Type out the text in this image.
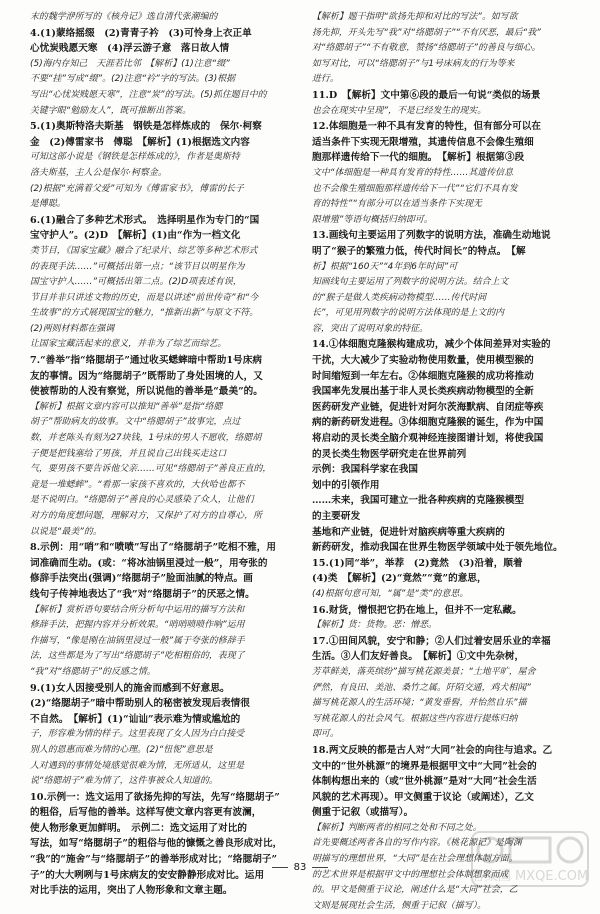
末的魏学洢所写的《核舟记》选自清代张潮编的
4.(1)蒙络摇缀　(2)青青子衿　(3)可怜身上衣正单
心忧炭贱愿天寒　(4)浮云游子意　落日故人情
(5)海内存知己　天涯若比邻　【解析】(1)注意“缀”
不要“挂”写成“缀”。(2)注意“衿”字的写法。(3)根据
写出“心忧炭贱愿天寒”，注意“炭”的写法。(5)抓住题目中的
关键字眼“勉励友人”，既可推断出答案。
5.(1)奥斯特洛夫斯基　钢铁是怎样炼成的　保尔·柯察
金　(2)傅雷家书　傅聪　【解析】(1)根据选文内容
可知这部小说是《钢铁是怎样炼成的》，作者是奥斯特
洛夫斯基，主人公是保尔·柯察金。
(2)根据“充满着父爱”可知为《傅雷家书》，傅雷的长子
是傅聪。
6.(1)融合了多种艺术形式。　选择明星作为专门的“国
宝守护人”。(2)D　【解析】(1)由“作为一档文化
类节目，《国家宝藏》融合了纪录片、综艺等多种艺术形式
的表现手法……”可概括出第一点；“该节目以明星作为
国宝守护人……”可概括出第二点。(2)D项表述有误，
节目并非只讲述文物的历史，而是以讲述“前世传奇”和“今
生故事”的方式展现国宝的魅力，“推新出新”与原文不符。
(2)两则材料都在强调
让国家宝藏活起来的意义，并非为了综艺而综艺。
7.“善举”指“络腮胡子”通过收买蟋蟀暗中帮助1号床病
友的事情。因为“络腮胡子”既帮助了身处困境的人，又
使被帮助的人没有察觉，所以说他的善举是“最美”的。
【解析】根据文章内容可以推知“善举”是指“络腮
胡子”帮助病友的故事。文中“络腮胡子”故事完，点过
数，并老陈头有刻为27块钱，1号床的男人不愿收，络腮胡
子便是把钱塞给了男孩，并且说自己出钱买走这口
气，要男孩不要告诉他父亲……可见“络腮胡子”善良正直的，
竟是一堆蟋蟀”。“看那一家孩不喜欢的，大伙哈也都不
是不说明白。“络腮胡子”善良的心灵感染了众人，让他们
对方的角度想问题，理解对方，又保护了对方的自尊心，所
以说是“最美”的。
8.示例：用“哨”和“喷喷”写出了“络腮胡子”吃相不雅，用
词准确而生动。(或：“将冰油锅里浸过一般”，用夸张的
修辞手法突出(强调)“络腮胡子”脸面油腻的特点。画
线句子传神地表达了“我”对“络腮胡子”的厌恶之情。
【解析】赏析语句要结合所分析句中运用的描写方法和
修辞手法，把握内容并分析效果。“哨哨喷喷作响”运用
作描写，“像是刚在油锅里浸过一般”属于夸张的修辞手
法，这些都是为了写出“络腮胡子”吃相粗俗的，表现了
“我”对“络腮胡子”的反感之情。
9.(1)女人因接受别人的施舍而感到不好意思。
(2)“络腮胡子”暗中帮助别人的秘密被发现后表情很
不自然。　【解析】(1)“讪讪”表示难为情或尴尬的
子，形容难为情的样子。这里表现了女人因为白白接受
别人的恩惠而难为情的心理。(2)“忸怩”意思是
人对遇到的事情处境感觉很难为情，无所适从，这里是
说“络腮胡子”难为情了，这件事被众人知道的。
10.示例一：选文运用了欲扬先抑的写法，先写“络腮胡子”
的粗俗，后写他的善举。这样写使文章内容更有波澜，
使人物形象更加鲜明。　示例二：选文运用了对比的
写法，如写“络腮胡子”的粗俗与他的慷慨之善良形成对比，
“我”的“施舍”与“络腮胡子”的善举形成对比；“络腮胡子”
子”的大大咧咧与1号床病友的安安静静形成对比。运用
对比手法的运用，突出了人物形象和文章主题。
【解析】题干指明“欲扬先抑和对比的写法”。如写欲
扬先抑，开头先写“我”对“络腮胡子”“不有厌恶，最后“我”
对“络腮胡子”“不有敬意，赞扬“络腮胡子”的善良与细心。
如写对比，可以“络腮胡子”与1号床病友的行为等来
进行。
11.D　【解析】文中第⑥段的最后一句说“类似的场景
也会在现实中呈现”，不是已经发生的现实。
12.体细胞是一种不具有发育的特性，但有部分可以在
适当条件下实现无限增殖，其遗传信息不会像生殖细
胞那样遗传给下一代的细胞。　【解析】根据第③段
文中“体细胞是一种具有发育的特性……其遗传信息
也不会像生殖细胞那样遗传给下一代”“它们不具有发
育的特性”“有部分可以在适当条件下实现无
限增殖”等语句概括归纳即可。
13.画线句主要运用了列数字的说明方法，准确生动地说
明了“猴子的繁殖力低，传代时间长”的特点。　【解
析】根据“160天”“4年到6年时间”可
知画线句主要运用了列数字的说明方法。结合上文
的“猴子是做人类疾病动物模型……传代时间
长”，可见用列数字的说明方法体现的是上文的内
容，突出了说明对象的特征。
14.①体细胞克隆猴构建成功，减少个体间差异对实验的
干扰，大大减少了实验动物使用数量，使用模型猴的
时间缩短到一年左右。②体细胞克隆猴的成功将推动
我国率先发展出基于非人灵长类疾病动物模型的全新
医药研发产业链，促进针对阿尔茨海默病、自闭症等疾
病的新药研发进程。③体细胞克隆猴的诞生，作为中国
将启动的灵长类全脑介观神经连接图谱计划，将使我国
的灵长类生物医学研究走在世界前列
示例：我国科学家在我国
划中的引领作用
……未来，我国可建立一批各种疾病的克隆猴模型
的主要研发
基地和产业链，促进针对脑疾病等重大疾病的
新药研发，推动我国在世界生物医学领域中处于领先地位。
15.(1)同“举”，举荐　(2)竟然　(3)沿着，顺着
(4)类　【解析】(2)“竟然”“竟”的意思，
(4)根据句意可知，“属”是“类”的意思。
16.财货，憎恨把它扔在地上，但并不一定私藏。
【解析】货：货物。恶：憎恶。
17.①田间风貌，安宁和静；②人们过着安居乐业的幸福
生活。③人们友好善良。　【解析】①文中先杂树，
芳草鲜美，落英缤纷”描写桃花源美景；“土地平旷，屋舍
俨然，有良田、美池、桑竹之属。阡陌交通，鸡犬相闻”
描写桃花源人的生活环境；“黄发垂髫，并怡然自乐”描
写桃花源人的社会风气。根据这些内容进行提炼归纳
即可。
18.两文反映的都是古人对“大同”社会的向往与追求。乙
文中的“世外桃源”的境界是根据甲文中“大同”社会的
体制构想出来的（或“世外桃源”是对“大同”社会生活
风貌的艺术再现）。甲文侧重于议论（或阐述），乙文
侧重于记叙（或描写）。
【解析】判断两者的相同之处和不同之处。
首先要概述两者各自的写作内容。《桃花源记》是陶渊
明描写的理想世界，“大同”是在社会理想体制方面。
的艺术世界是根据甲文中的理想社会体制想象而成
的。甲文是侧重于议论，阐述什么是“大同”社会，乙
文则是展现社会生活，侧重于记叙（描写）。
83
答案圈 MXQE.COM
